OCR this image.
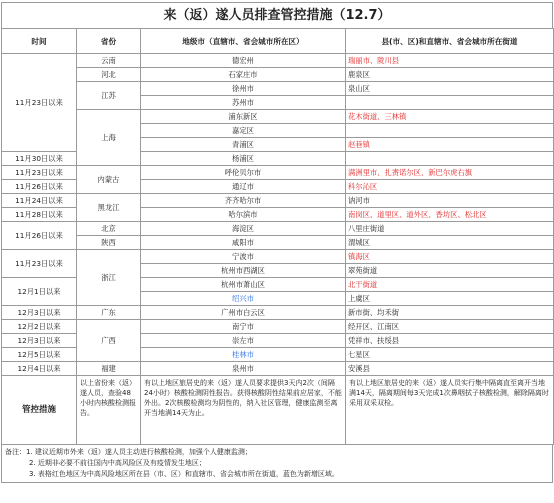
来（返）遂人员排查管控措施（12.7）
时间	省份	地级市（直辖市、省会城市所在区）	县(市、区)和直辖市、省会城市所在街道
11月23日以来	云南	德宏州	瑞丽市、陇川县
	河北	石家庄市	鹿泉区
	江苏	徐州市	泉山区
		苏州市	
	上海	浦东新区	花木街道、三林镇
		嘉定区	
		青浦区	赵巷镇
11月30日以来		杨浦区	
11月23日以来	内蒙古	呼伦贝尔市	满洲里市、扎赉诺尔区、新巴尔虎右旗
11月26日以来		通辽市	科尔沁区
11月24日以来	黑龙江	齐齐哈尔市	讷河市
11月28日以来		哈尔滨市	南岗区、道里区、道外区、香坊区、松北区
11月26日以来	北京	海淀区	八里庄街道
	陕西	咸阳市	渭城区
11月23日以来	浙江	宁波市	镇海区
		杭州市西湖区	翠苑街道
12月1日以来		杭州市萧山区	北干街道
		绍兴市	上虞区
12月3日以来	广东	广州市白云区	新市街、均禾街
12月2日以来	广西	南宁市	经开区、江南区
12月3日以来		崇左市	凭祥市、扶绥县
12月5日以来		桂林市	七星区
12月4日以来	福建	泉州市	安溪县
管控措施	以上省份来（返）遂人员，查验48小时内核酸检测报告。	有以上地区旅居史的来（返）遂人员要求提供3天内2次（间隔24小时）核酸检测阴性报告。获得核酸阴性结果前应居家，不能外出。2次核酸检测均为阴性的，纳入社区管理，健康监测至离开当地满14天为止。	有以上地区旅居史的来（返）遂人员实行集中隔离直至离开当地满14天，隔离期间每3天完成1次鼻咽拭子核酸检测，解除隔离时采用双采双检。
备注：1. 建议近期市外来（返）遂人员主动进行核酸检测，加强个人健康监测；
2. 近期非必要不前往国内中高风险区及有疫情发生地区；
3. 表格红色地区为中高风险地区所在县（市、区）和直辖市、省会城市所在街道，蓝色为新增区域。
